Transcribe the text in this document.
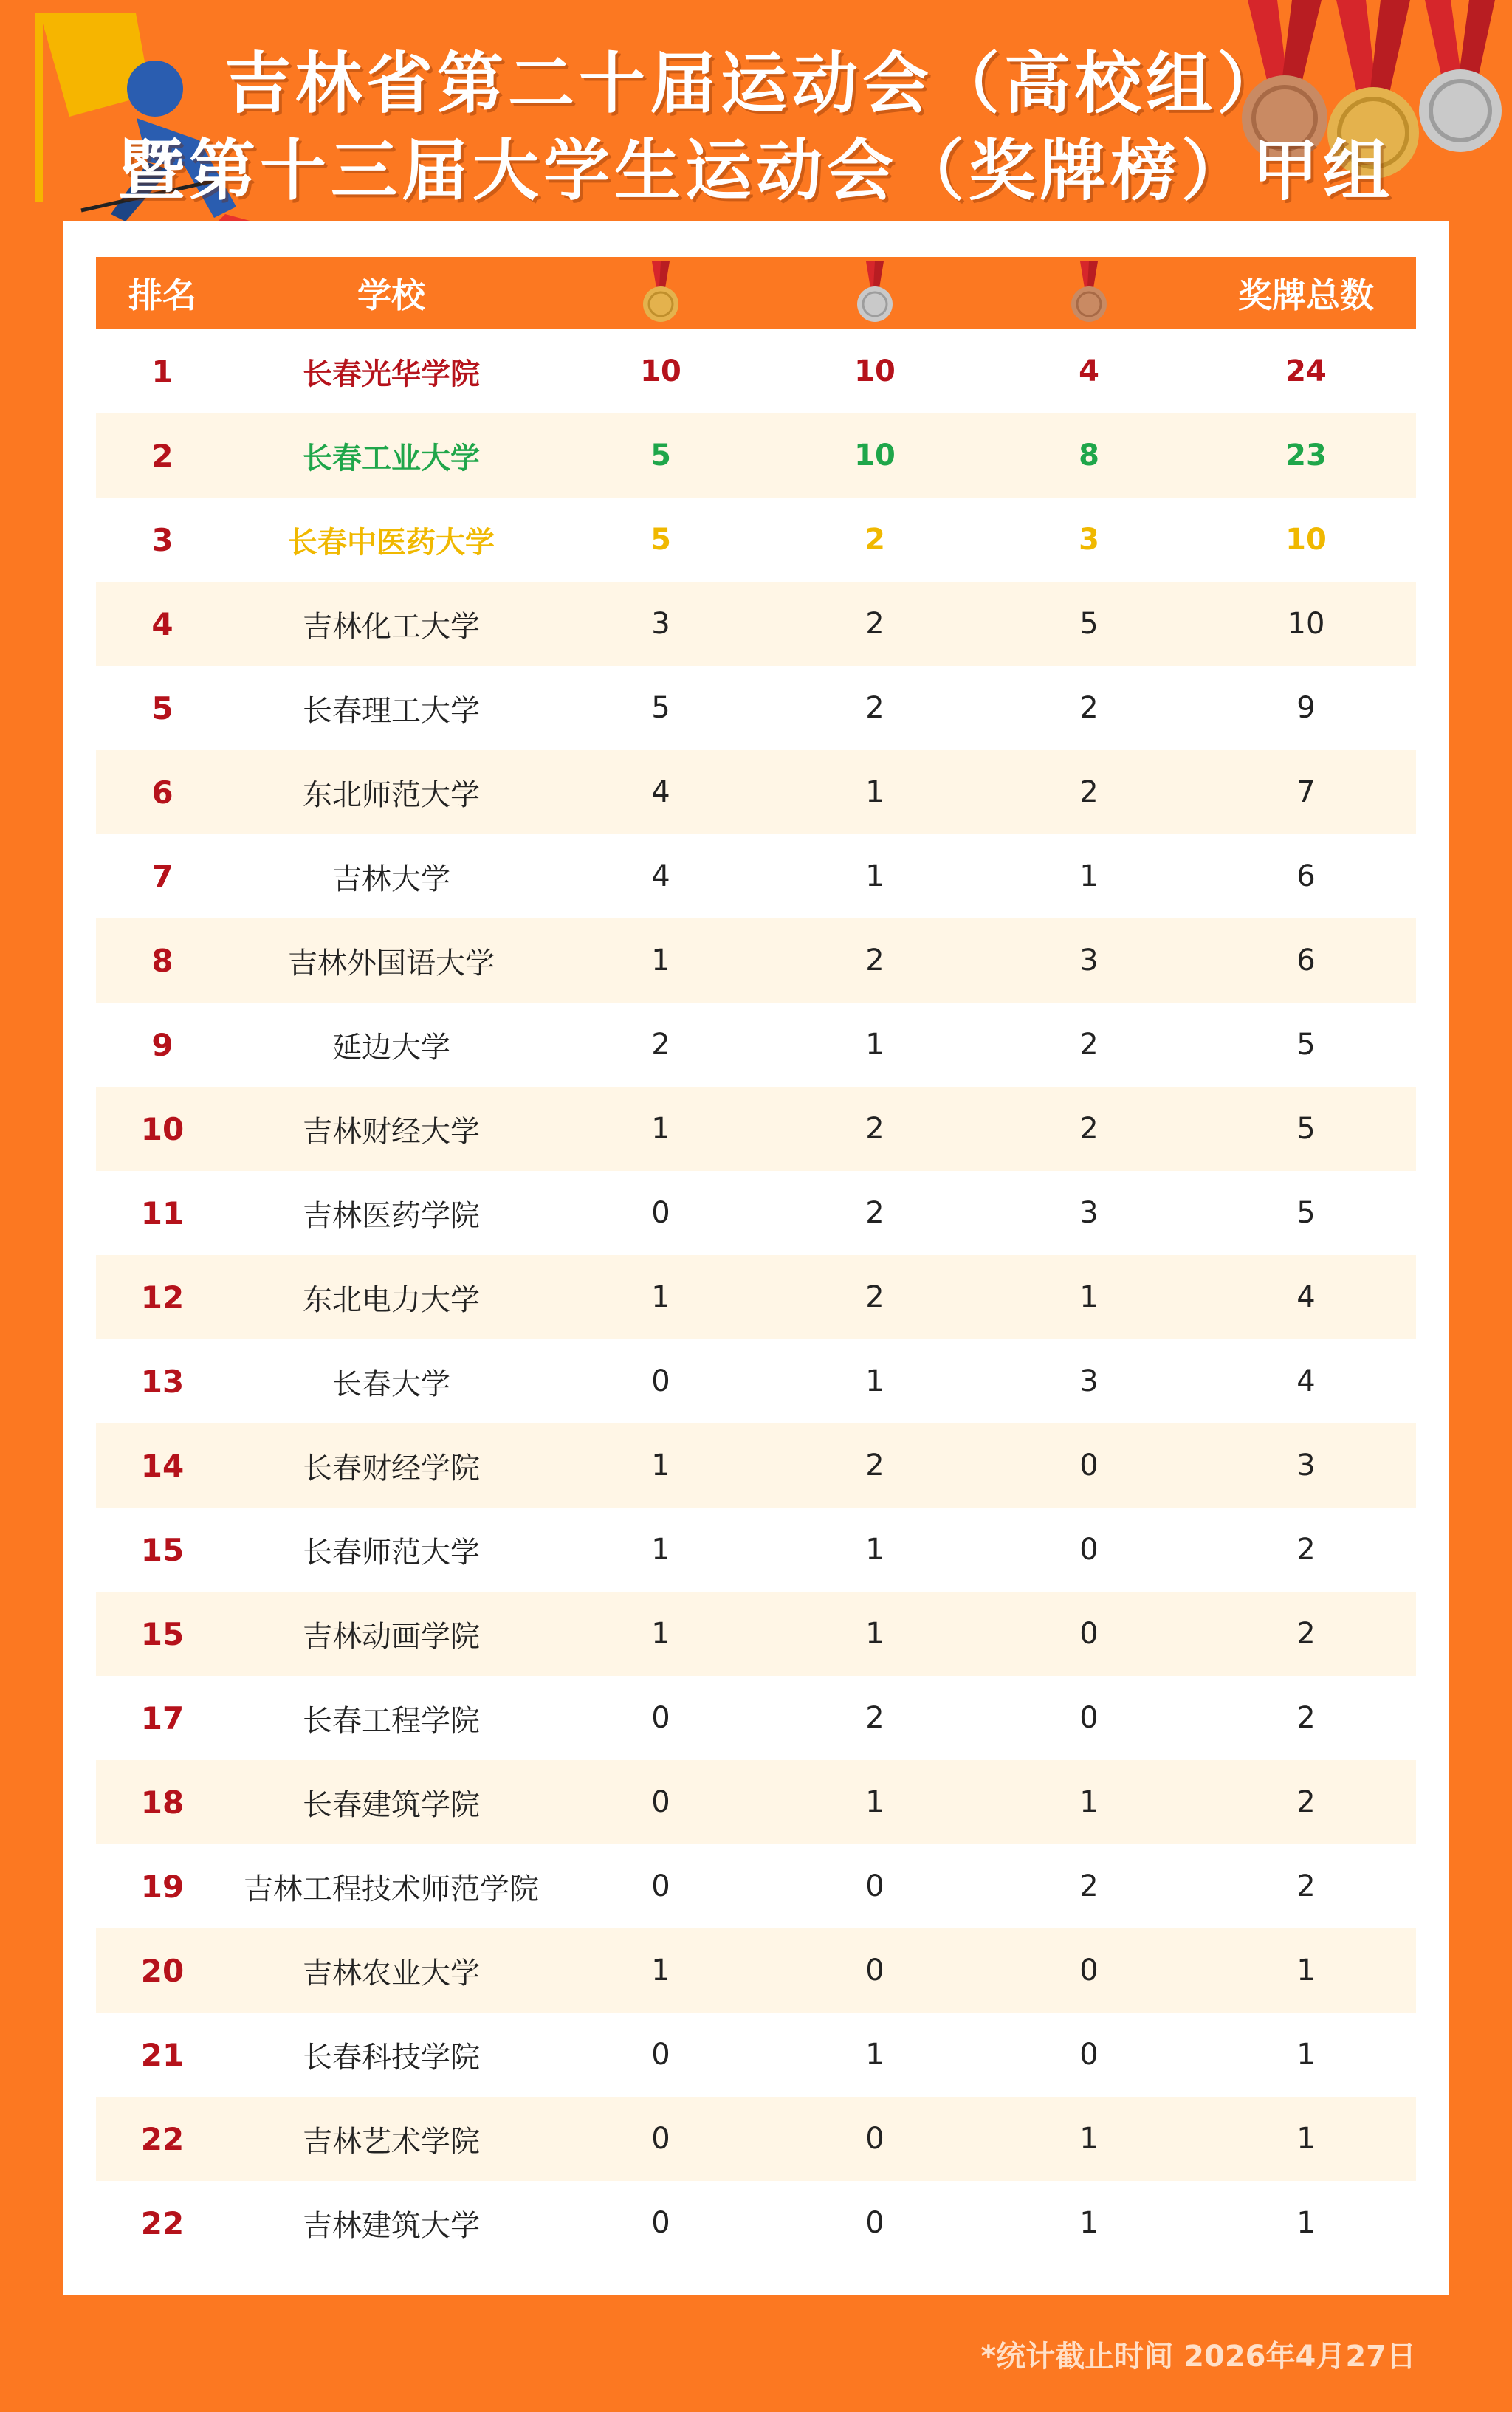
吉林省第二十届运动会（高校组）
暨第十三届大学生运动会（奖牌榜）甲组
排名	学校	奖牌总数
1	长春光华学院	10	10	4	24
2	长春工业大学	5	10	8	23
3	长春中医药大学	5	2	3	10
4	吉林化工大学	3	2	5	10
5	长春理工大学	5	2	2	9
6	东北师范大学	4	1	2	7
7	吉林大学	4	1	1	6
8	吉林外国语大学	1	2	3	6
9	延边大学	2	1	2	5
10	吉林财经大学	1	2	2	5
11	吉林医药学院	0	2	3	5
12	东北电力大学	1	2	1	4
13	长春大学	0	1	3	4
14	长春财经学院	1	2	0	3
15	长春师范大学	1	1	0	2
15	吉林动画学院	1	1	0	2
17	长春工程学院	0	2	0	2
18	长春建筑学院	0	1	1	2
19	吉林工程技术师范学院	0	0	2	2
20	吉林农业大学	1	0	0	1
21	长春科技学院	0	1	0	1
22	吉林艺术学院	0	0	1	1
22	吉林建筑大学	0	0	1	1
*统计截止时间 2026年4月27日
